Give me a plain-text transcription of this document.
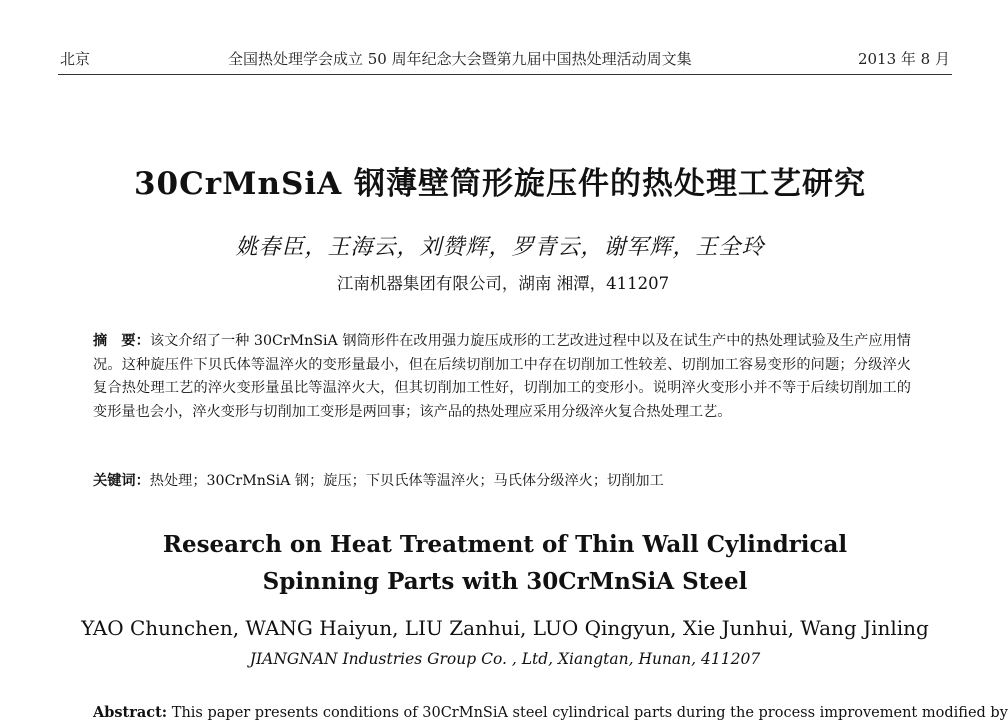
北京	全国热处理学会成立 50 周年纪念大会暨第九届中国热处理活动周文集	2013 年 8 月
30CrMnSiA 钢薄壁筒形旋压件的热处理工艺研究
姚春臣，王海云，刘赞辉，罗青云，谢军辉，王全玲
江南机器集团有限公司，湖南 湘潭，411207
摘　要：该文介绍了一种 30CrMnSiA 钢筒形件在改用强力旋压成形的工艺改进过程中以及在试生产中的热处理试验及生产应用情况。这种旋压件下贝氏体等温淬火的变形量最小，但在后续切削加工中存在切削加工性较差、切削加工容易变形的问题；分级淬火复合热处理工艺的淬火变形量虽比等温淬火大，但其切削加工性好，切削加工的变形小。说明淬火变形小并不等于后续切削加工的变形量也会小，淬火变形与切削加工变形是两回事；该产品的热处理应采用分级淬火复合热处理工艺。
关键词：热处理；30CrMnSiA 钢；旋压；下贝氏体等温淬火；马氏体分级淬火；切削加工
Research on Heat Treatment of Thin Wall Cylindrical
Spinning Parts with 30CrMnSiA Steel
YAO Chunchen, WANG Haiyun, LIU Zanhui, LUO Qingyun, Xie Junhui, Wang Jinling
JIANGNAN Industries Group Co. , Ltd, Xiangtan, Hunan, 411207
Abstract: This paper presents conditions of 30CrMnSiA steel cylindrical parts during the process improvement modified by
